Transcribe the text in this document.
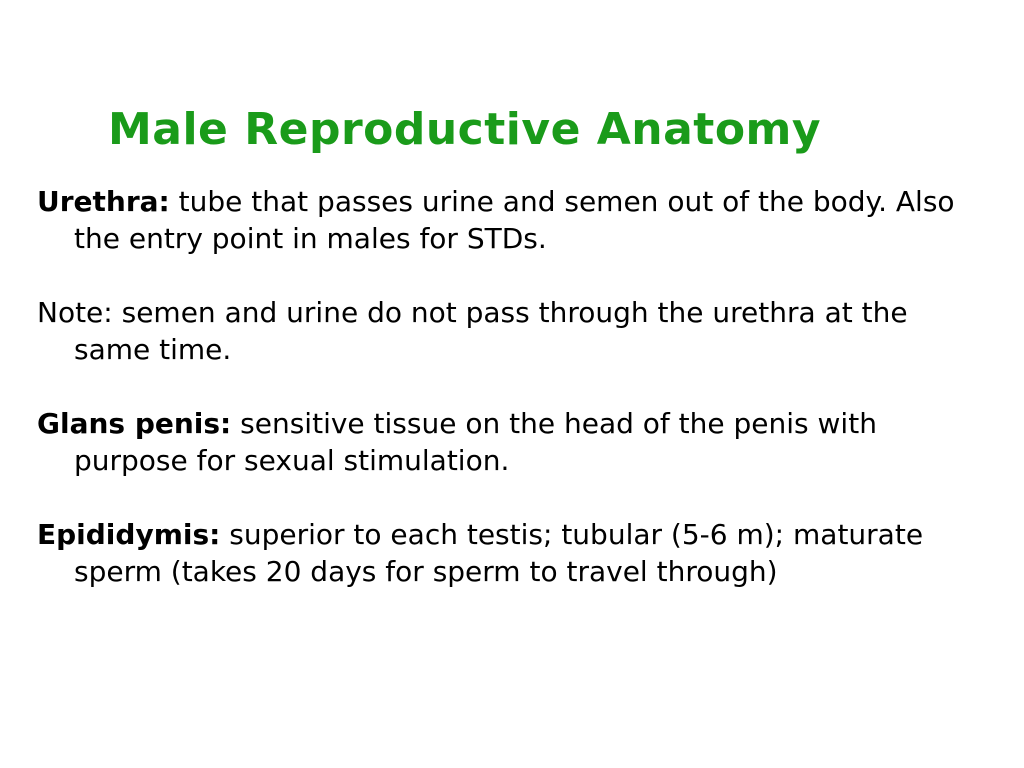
Male Reproductive Anatomy

Urethra: tube that passes urine and semen out of the body. Also the entry point in males for STDs.

Note: semen and urine do not pass through the urethra at the same time.

Glans penis: sensitive tissue on the head of the penis with purpose for sexual stimulation.

Epididymis: superior to each testis; tubular (5-6 m); maturate sperm (takes 20 days for sperm to travel through)
